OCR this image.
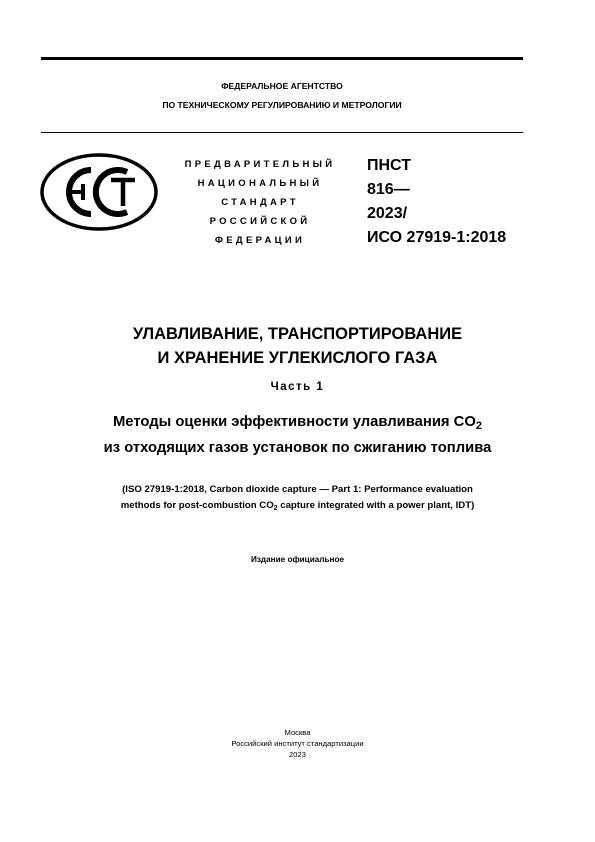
ФЕДЕРАЛЬНОЕ АГЕНТСТВО
ПО ТЕХНИЧЕСКОМУ РЕГУЛИРОВАНИЮ И МЕТРОЛОГИИ
ПРЕДВАРИТЕЛЬНЫЙ
НАЦИОНАЛЬНЫЙ
СТАНДАРТ
РОССИЙСКОЙ
ФЕДЕРАЦИИ
ПНСТ
816—
2023/
ИСО 27919-1:2018
УЛАВЛИВАНИЕ, ТРАНСПОРТИРОВАНИЕ
И ХРАНЕНИЕ УГЛЕКИСЛОГО ГАЗА
Часть 1
Методы оценки эффективности улавливания $CO_2$
из отходящих газов установок по сжиганию топлива
(ISO 27919-1:2018, Carbon dioxide capture — Part 1: Performance evaluation
methods for post-combustion $CO_2$ capture integrated with a power plant, IDT)
Издание официальное
Москва
Российский институт стандартизации
2023
